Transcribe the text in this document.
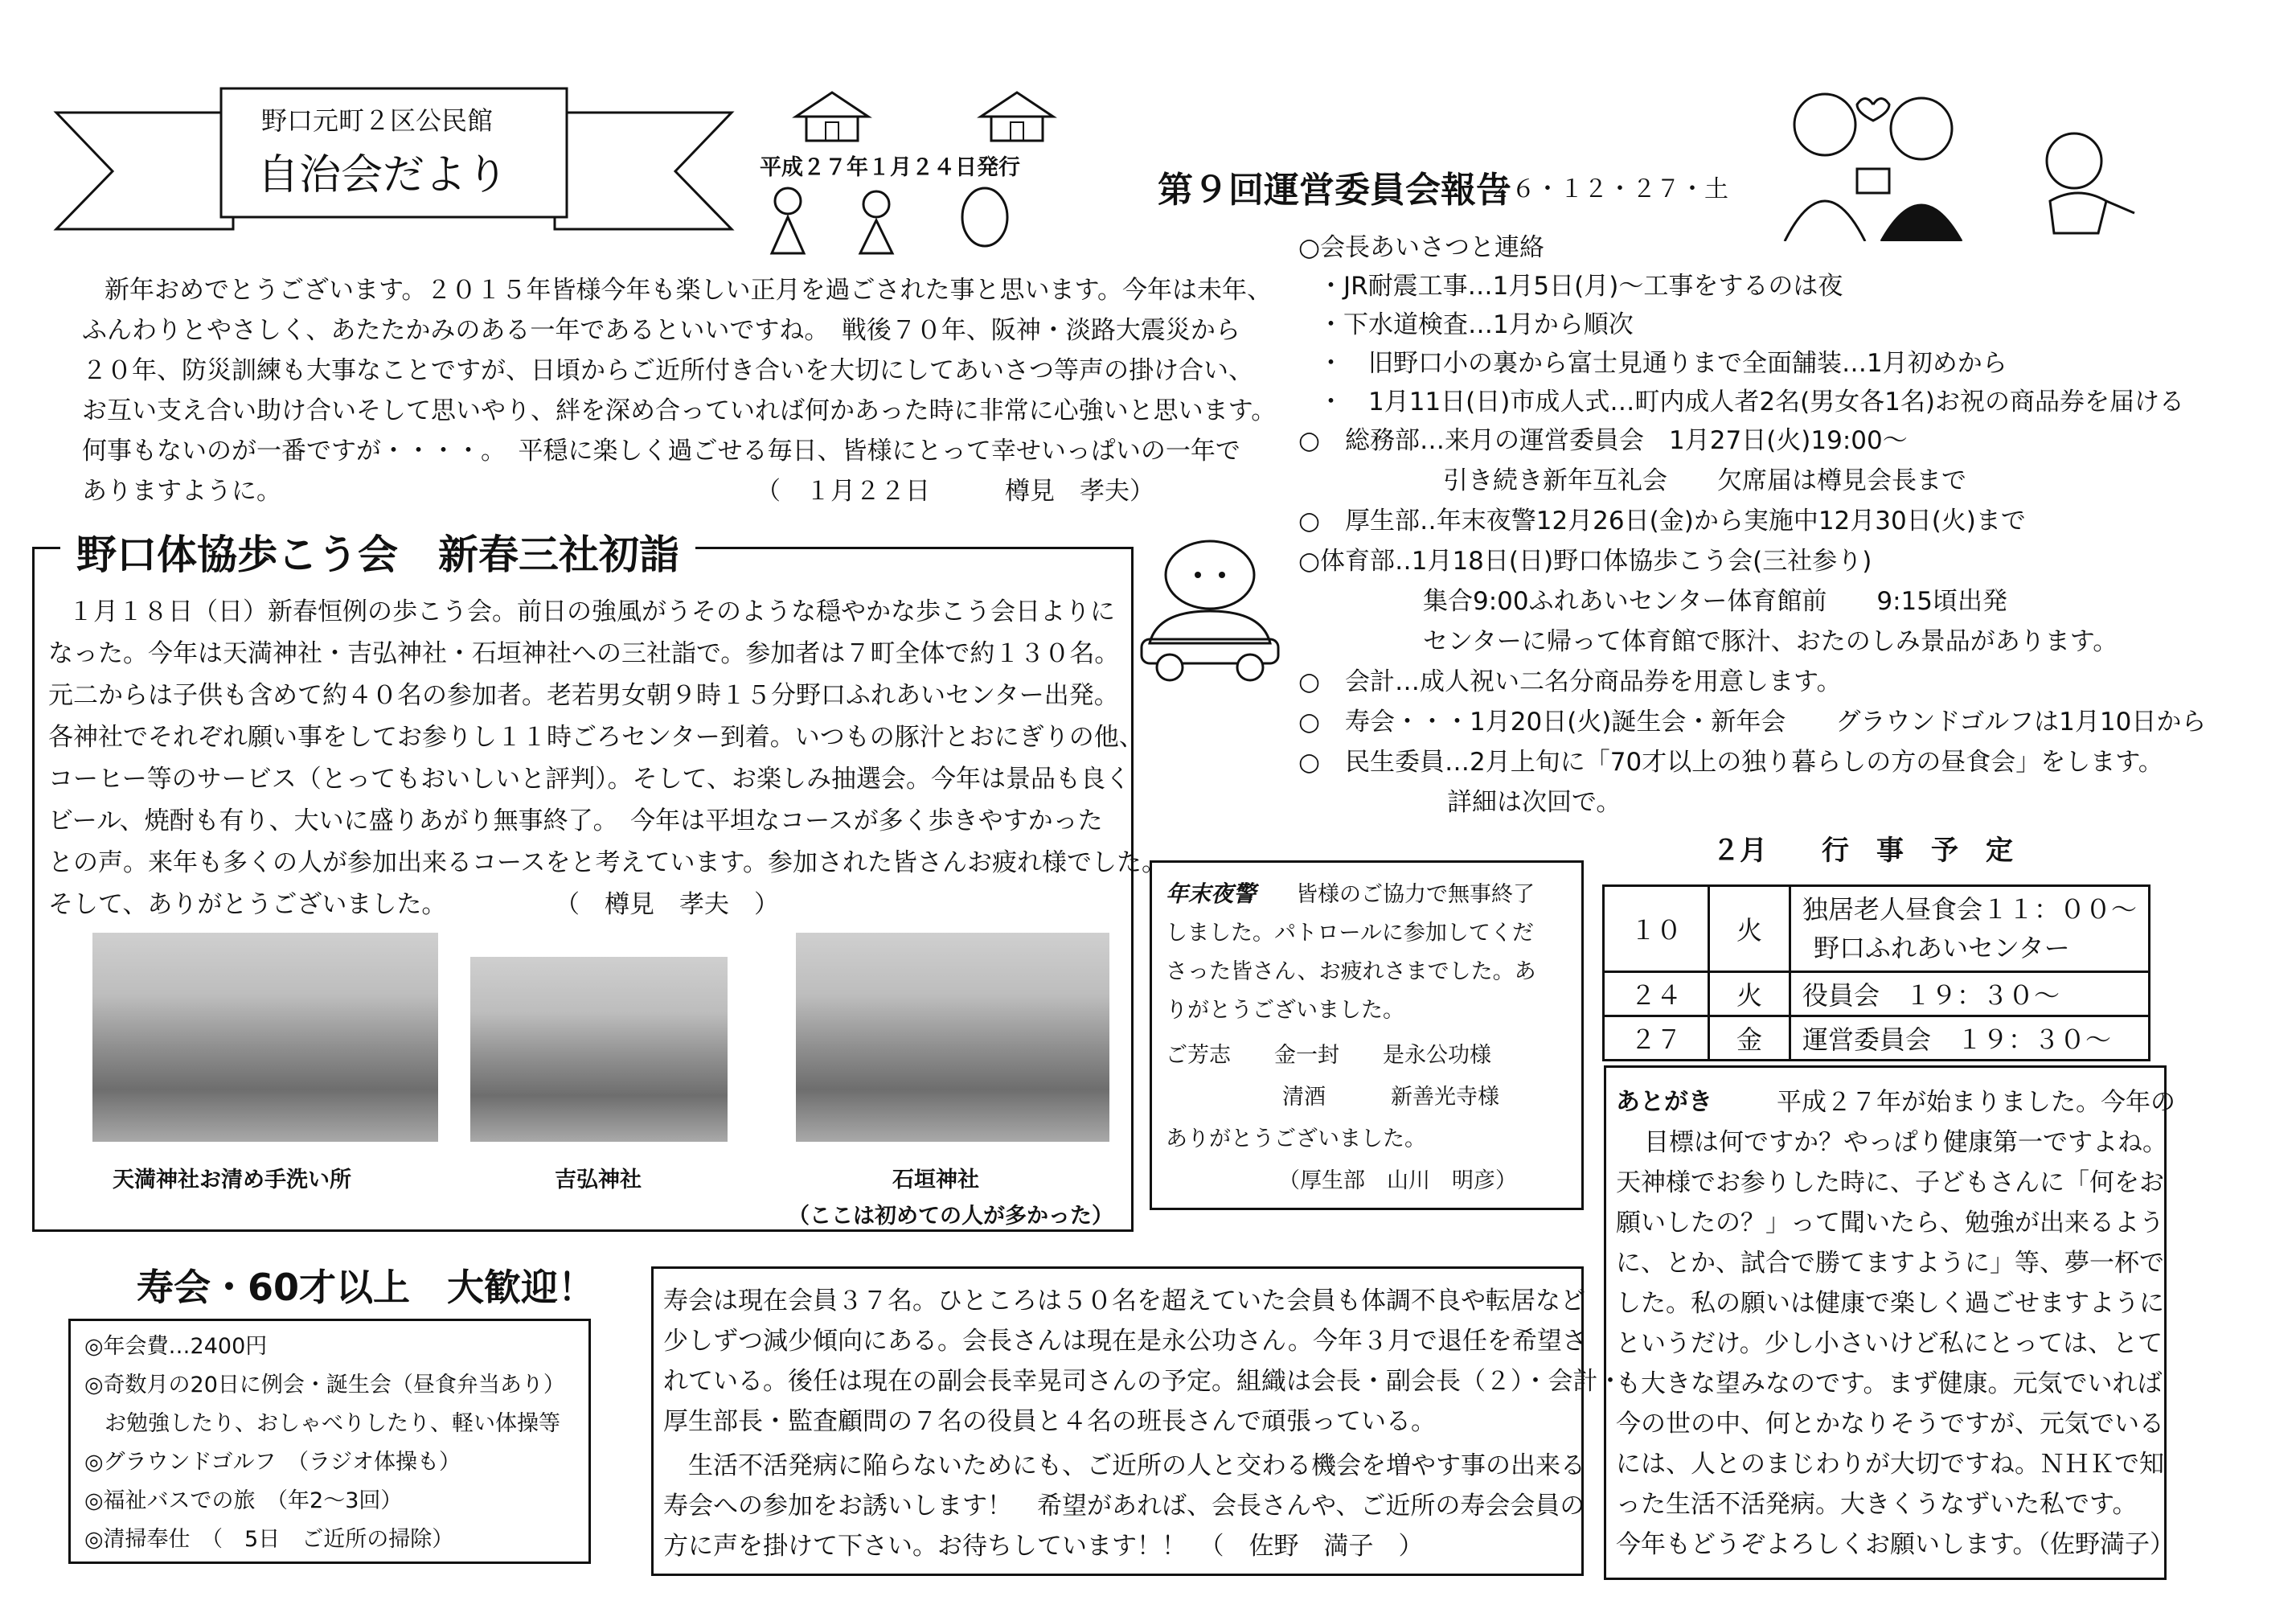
野口元町２区公民館
自治会だより	平成２７年１月２４日発行
新年おめでとうございます。２０１５年皆様今年も楽しい正月を過ごされた事と思います。今年は未年、
ふんわりとやさしく、あたたかみのある一年であるといいですね。　戦後７０年、阪神・淡路大震災から
２０年、防災訓練も大事なことですが、日頃からご近所付き合いを大切にしてあいさつ等声の掛け合い、
お互い支え合い助け合いそして思いやり、絆を深め合っていれば何かあった時に非常に心強いと思います。
何事もないのが一番ですが・・・・。　平穏に楽しく過ごせる毎日、皆様にとって幸せいっぱいの一年で
ありますように。	（　１月２２日　　　樽見　孝夫）
野口体協歩こう会　新春三社初詣
１月１８日（日）新春恒例の歩こう会。前日の強風がうそのような穏やかな歩こう会日よりに
なった。今年は天満神社・吉弘神社・石垣神社への三社詣で。参加者は７町全体で約１３０名。
元二からは子供も含めて約４０名の参加者。老若男女朝９時１５分野口ふれあいセンター出発。
各神社でそれぞれ願い事をしてお参りし１１時ごろセンター到着。いつもの豚汁とおにぎりの他、
コーヒー等のサービス（とってもおいしいと評判）。そして、お楽しみ抽選会。今年は景品も良く
ビール、焼酎も有り、大いに盛りあがり無事終了。　今年は平坦なコースが多く歩きやすかった
との声。来年も多くの人が参加出来るコースをと考えています。参加された皆さんお疲れ様でした。
そして、ありがとうございました。	（　樽見　孝夫　）
天満神社お清め手洗い所	吉弘神社	石垣神社
（ここは初めての人が多かった）
第９回運営委員会報告
２６・１２・２７・土
○会長あいさつと連絡
・JR耐震工事…1月5日(月)～工事をするのは夜
・下水道検査…1月から順次
・　旧野口小の裏から富士見通りまで全面舗装…1月初めから
・　1月11日(日)市成人式…町内成人者2名(男女各1名)お祝の商品券を届ける
○　総務部…来月の運営委員会　1月27日(火)19:00～
引き続き新年互礼会　　欠席届は樽見会長まで
○　厚生部‥年末夜警12月26日(金)から実施中12月30日(火)まで
○体育部‥1月18日(日)野口体協歩こう会(三社参り)
集合9:00ふれあいセンター体育館前　　9:15頃出発
センターに帰って体育館で豚汁、おたのしみ景品があります。
○　会計…成人祝い二名分商品券を用意します。
○　寿会・・・1月20日(火)誕生会・新年会　　グラウンドゴルフは1月10日から
○　民生委員…2月上旬に「70才以上の独り暮らしの方の昼食会」をします。
詳細は次回で。
２月　　行　事　予　定
１０	火	独居老人昼食会１１：００～
野口ふれあいセンター

２４	火	役員会　１９：３０～
２７	金	運営委員会　１９：３０～
年末夜警 皆様のご協力で無事終了
しました。パトロールに参加してくだ
さった皆さん、お疲れさまでした。あ
りがとうございました。
ご芳志　　金一封　　是永公功様
清酒　　　新善光寺様
ありがとうございました。
（厚生部　山川　明彦）
寿会・60才以上　大歓迎！
◎年会費…2400円
◎奇数月の20日に例会・誕生会（昼食弁当あり）
お勉強したり、おしゃべりしたり、軽い体操等
◎グラウンドゴルフ　（ラジオ体操も）
◎福祉バスでの旅　（年2～3回）
◎清掃奉仕　（　5日　ご近所の掃除）
寿会は現在会員３７名。ひところは５０名を超えていた会員も体調不良や転居など
少しずつ減少傾向にある。会長さんは現在是永公功さん。今年３月で退任を希望さ
れている。後任は現在の副会長幸晃司さんの予定。組織は会長・副会長（２）・会計・
厚生部長・監査顧問の７名の役員と４名の班長さんで頑張っている。
　生活不活発病に陥らないためにも、ご近所の人と交わる機会を増やす事の出来る
寿会への参加をお誘いします！　希望があれば、会長さんや、ご近所の寿会会員の
方に声を掛けて下さい。お待ちしています！！　（　佐野　満子　）
あとがき	平成２７年が始まりました。今年の
目標は何ですか？やっぱり健康第一ですよね。
天神様でお参りした時に、子どもさんに「何をお
願いしたの？」って聞いたら、勉強が出来るよう
に、とか、試合で勝てますように」等、夢一杯で
した。私の願いは健康で楽しく過ごせますように
というだけ。少し小さいけど私にとっては、とて
も大きな望みなのです。まず健康。元気でいれば
今の世の中、何とかなりそうですが、元気でいる
には、人とのまじわりが大切ですね。ＮＨＫで知
った生活不活発病。大きくうなずいた私です。
今年もどうぞよろしくお願いします。（佐野満子）
